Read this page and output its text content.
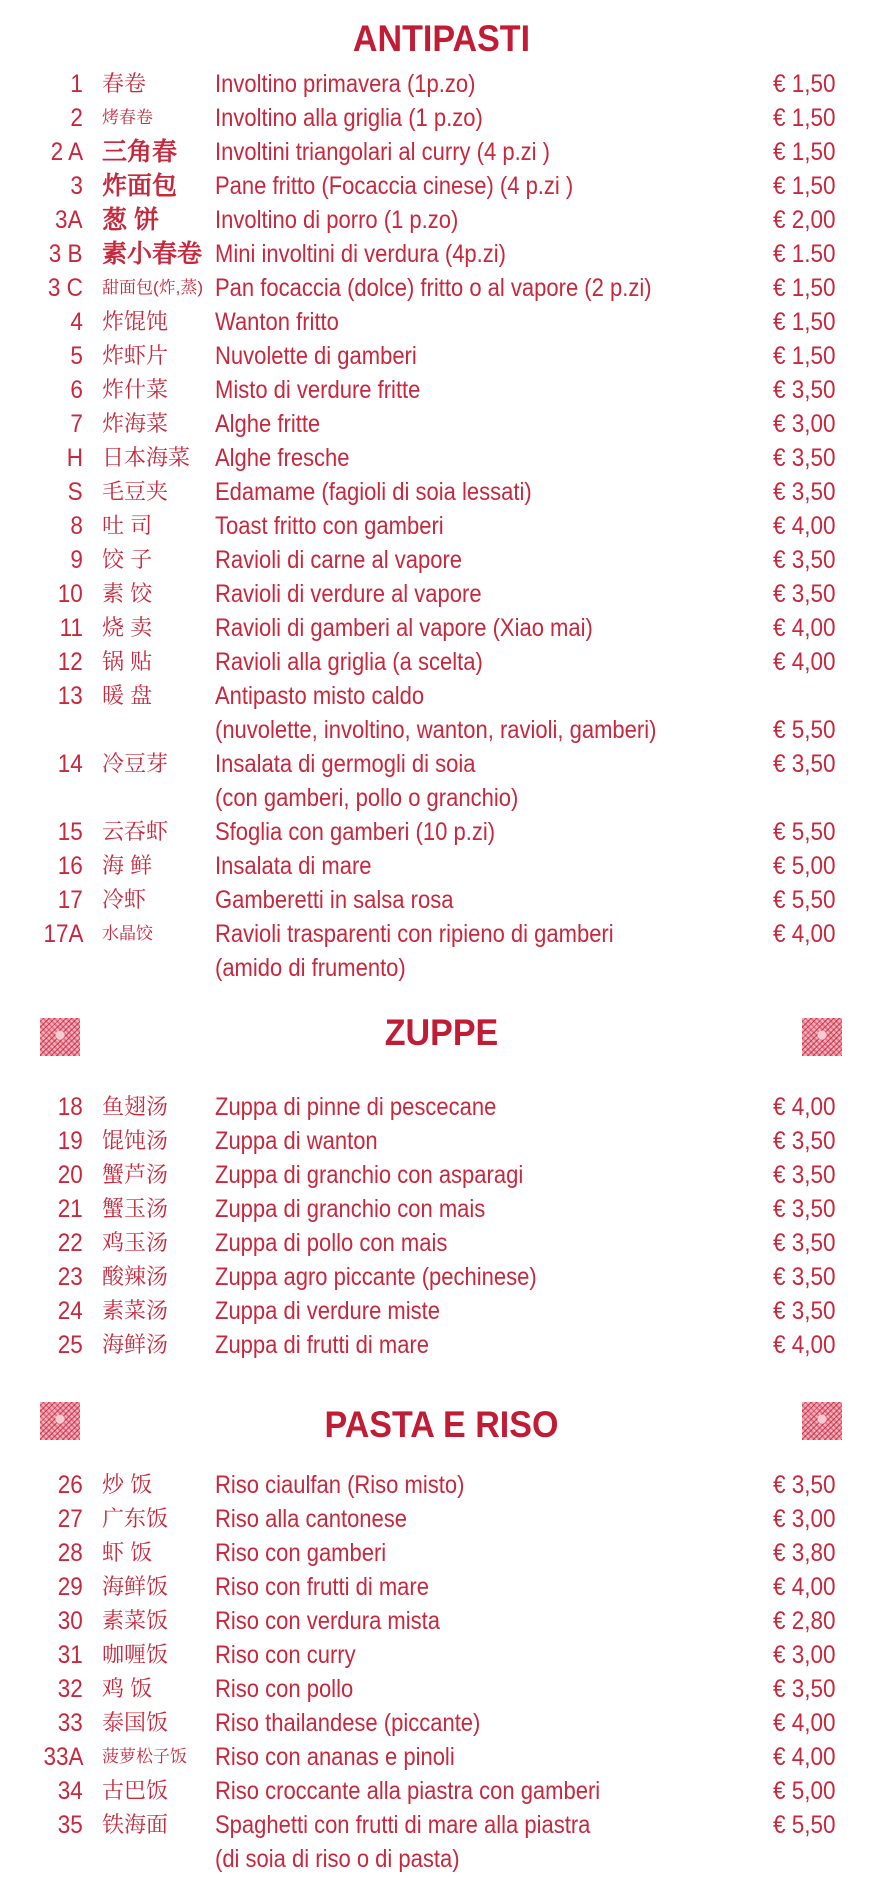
ANTIPASTI
1 春卷	Involtino primavera (1p.zo)	€ 1,50
2 烤春卷 Involtino alla griglia (1 p.zo)	€ 1,50
2 A 三角春 Involtini triangolari al curry (4 p.zi )	€ 1,50
3 炸面包 Pane fritto (Focaccia cinese) (4 p.zi )	€ 1,50
3A 葱 饼 Involtino di porro (1 p.zo)	€ 2,00
3 B 素小春卷 Mini involtini di verdura (4p.zi)	€ 1.50
3 C 甜面包(炸,蒸) Pan focaccia (dolce) fritto o al vapore (2 p.zi)	€ 1,50
4 炸馄饨 Wanton fritto	€ 1,50
5 炸虾片 Nuvolette di gamberi	€ 1,50
6 炸什菜 Misto di verdure fritte	€ 3,50
7 炸海菜 Alghe fritte	€ 3,00
H 日本海菜 Alghe fresche	€ 3,50
S 毛豆夹 Edamame (fagioli di soia lessati)	€ 3,50
8 吐 司	Toast fritto con gamberi	€ 4,00
9 饺 子	Ravioli di carne al vapore	€ 3,50
10 素 饺	Ravioli di verdure al vapore	€ 3,50
11 烧 卖	Ravioli di gamberi al vapore (Xiao mai)	€ 4,00
12 锅 贴	Ravioli alla griglia (a scelta)	€ 4,00
13 暖 盘	Antipasto misto caldo
(nuvolette, involtino, wanton, ravioli, gamberi)	€ 5,50
14 冷豆芽 Insalata di germogli di soia	€ 3,50
(con gamberi, pollo o granchio)
15 云吞虾 Sfoglia con gamberi (10 p.zi)	€ 5,50
16 海 鲜	Insalata di mare	€ 5,00
17 冷虾	Gamberetti in salsa rosa	€ 5,50
17A 水晶饺 Ravioli trasparenti con ripieno di gamberi	€ 4,00
(amido di frumento)
ZUPPE
18 鱼翅汤 Zuppa di pinne di pescecane	€ 4,00
19 馄饨汤 Zuppa di wanton	€ 3,50
20 蟹芦汤 Zuppa di granchio con asparagi	€ 3,50
21 蟹玉汤 Zuppa di granchio con mais	€ 3,50
22 鸡玉汤 Zuppa di pollo con mais	€ 3,50
23 酸辣汤 Zuppa agro piccante (pechinese)	€ 3,50
24 素菜汤 Zuppa di verdure miste	€ 3,50
25 海鲜汤 Zuppa di frutti di mare	€ 4,00
PASTA E RISO
26 炒 饭	Riso ciaulfan (Riso misto)	€ 3,50
27 广东饭 Riso alla cantonese	€ 3,00
28 虾 饭	Riso con gamberi	€ 3,80
29 海鲜饭 Riso con frutti di mare	€ 4,00
30 素菜饭 Riso con verdura mista	€ 2,80
31 咖喱饭 Riso con curry	€ 3,00
32 鸡 饭	Riso con pollo	€ 3,50
33 泰国饭 Riso thailandese (piccante)	€ 4,00
33A 菠萝松子饭 Riso con ananas e pinoli	€ 4,00
34 古巴饭 Riso croccante alla piastra con gamberi	€ 5,00
35 铁海面 Spaghetti con frutti di mare alla piastra	€ 5,50
(di soia di riso o di pasta)
